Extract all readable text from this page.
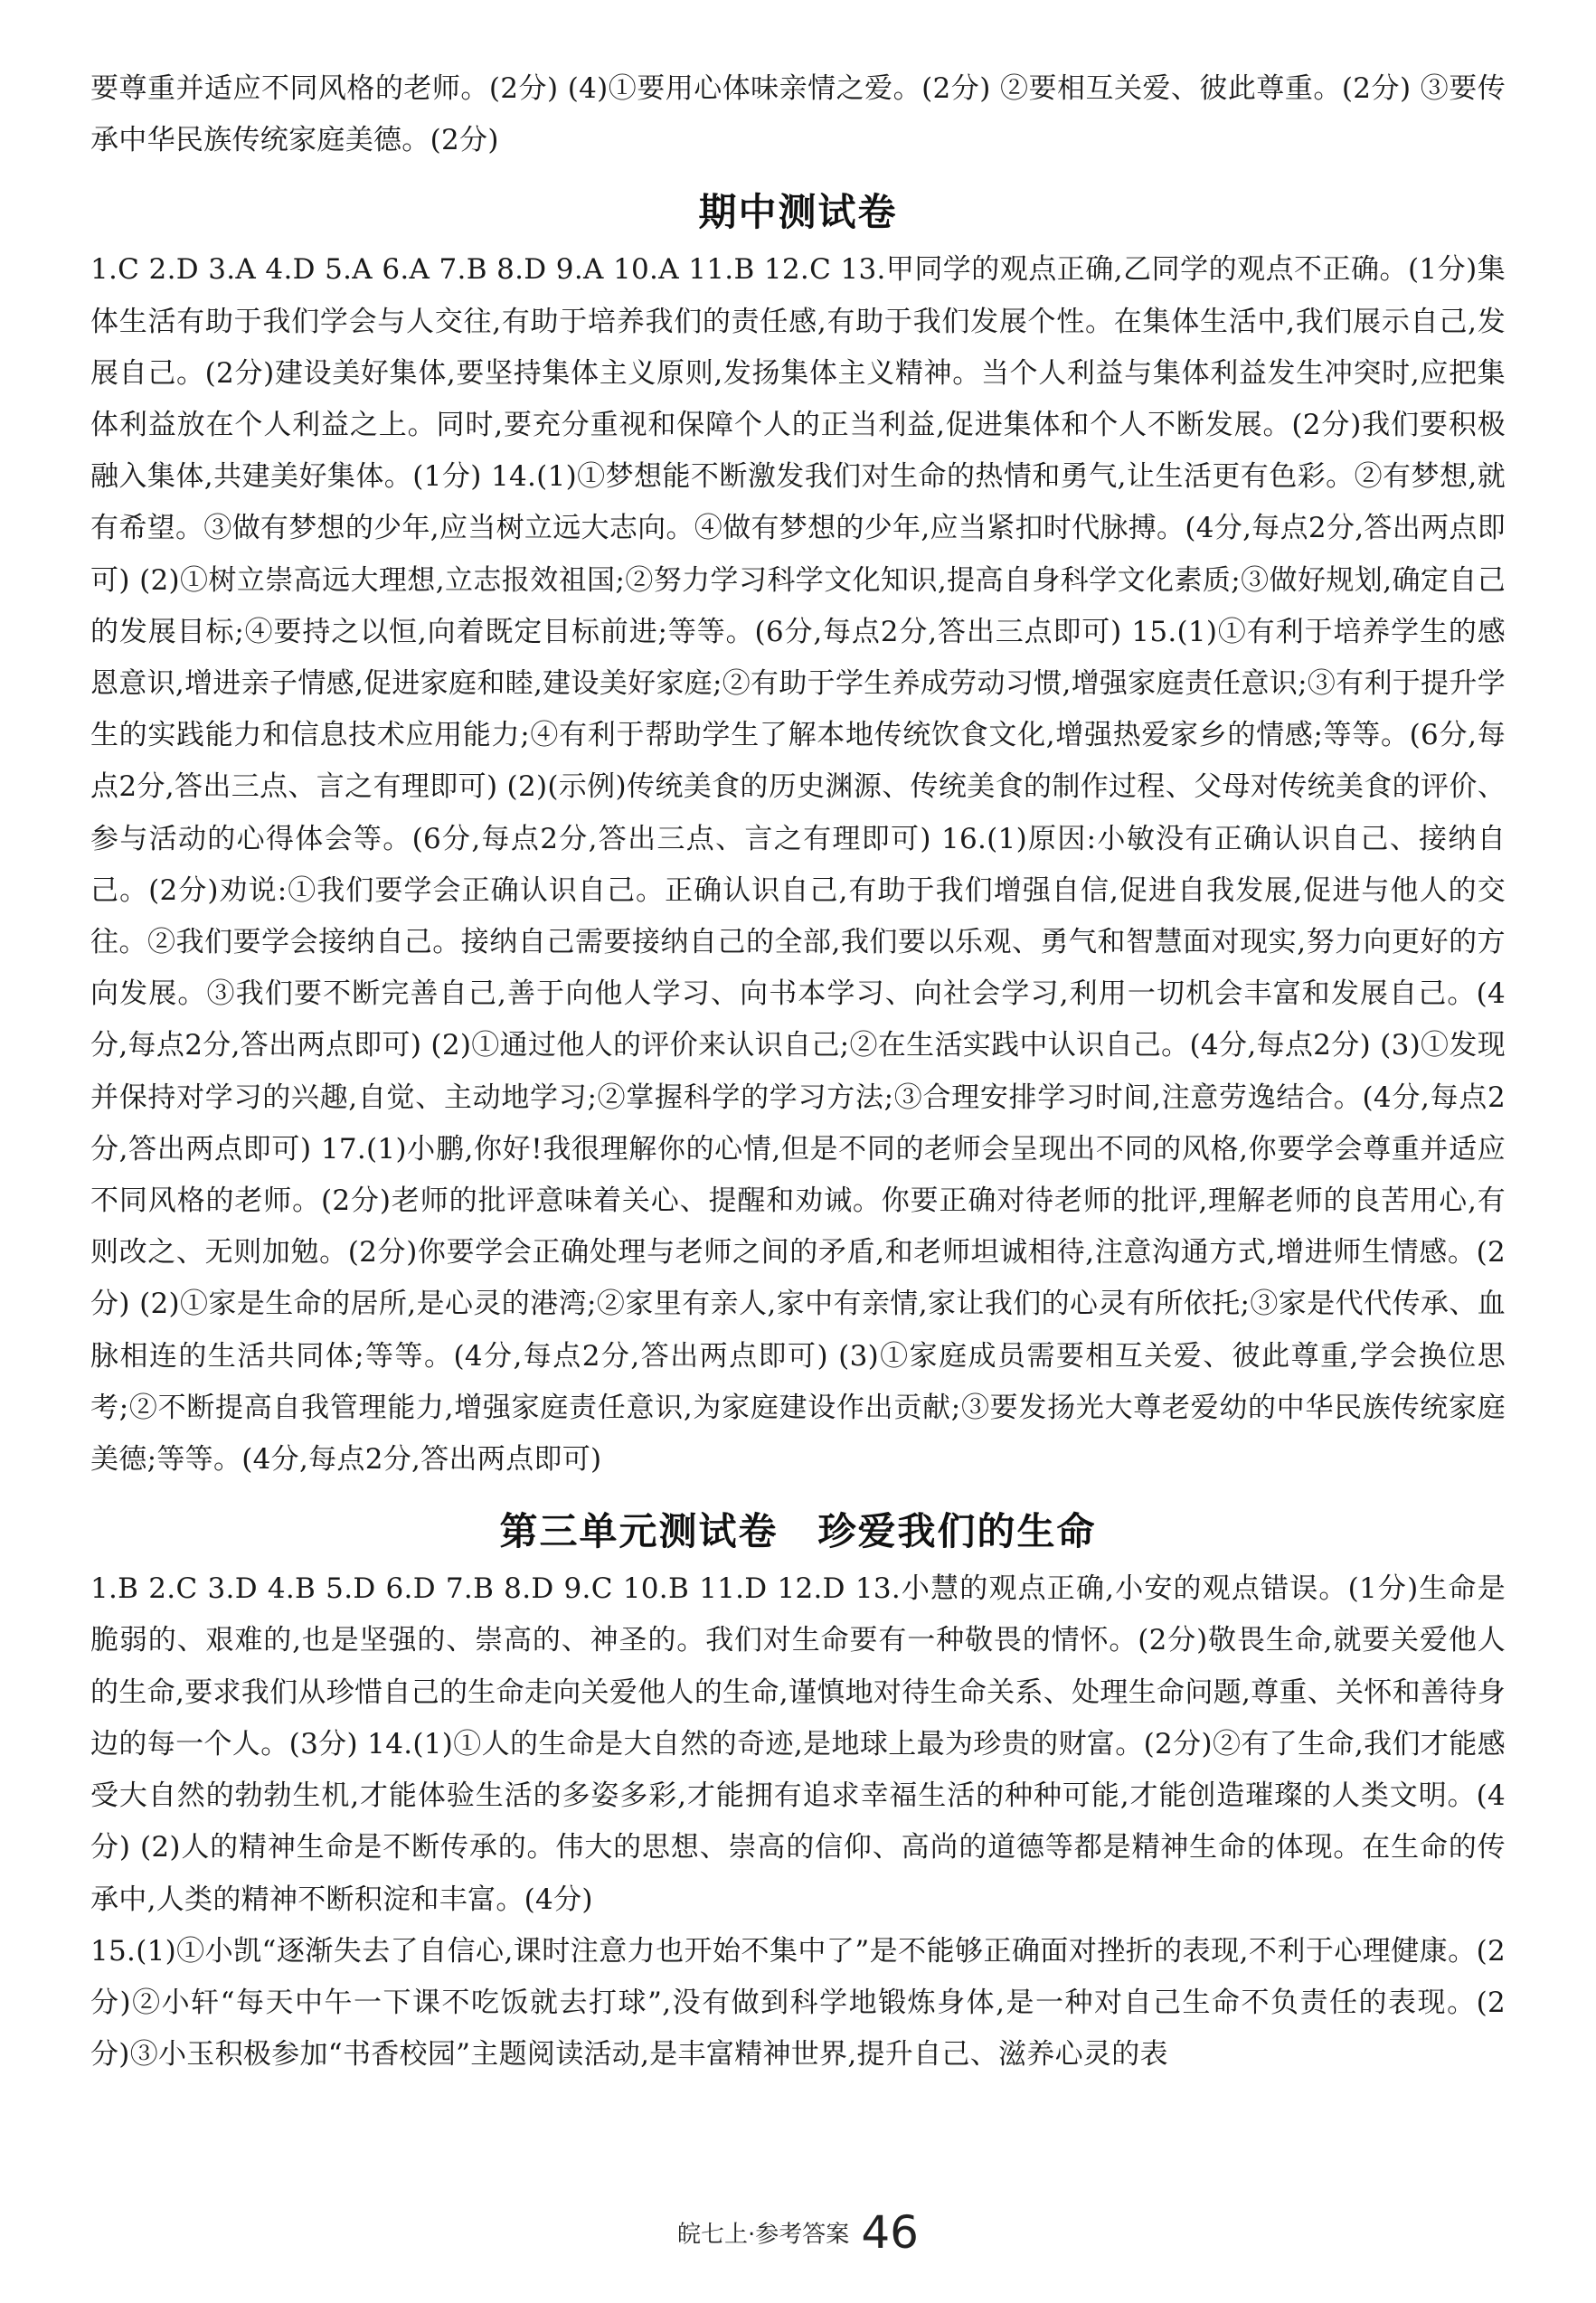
要尊重并适应不同风格的老师。(2分) (4)①要用心体味亲情之爱。(2分) ②要相互关爱、彼此尊重。(2分) ③要传承中华民族传统家庭美德。(2分)

期中测试卷

1.C 2.D 3.A 4.D 5.A 6.A 7.B 8.D 9.A 10.A 11.B 12.C 13.甲同学的观点正确,乙同学的观点不正确。(1分)集体生活有助于我们学会与人交往,有助于培养我们的责任感,有助于我们发展个性。在集体生活中,我们展示自己,发展自己。(2分)建设美好集体,要坚持集体主义原则,发扬集体主义精神。当个人利益与集体利益发生冲突时,应把集体利益放在个人利益之上。同时,要充分重视和保障个人的正当利益,促进集体和个人不断发展。(2分)我们要积极融入集体,共建美好集体。(1分) 14.(1)①梦想能不断激发我们对生命的热情和勇气,让生活更有色彩。②有梦想,就有希望。③做有梦想的少年,应当树立远大志向。④做有梦想的少年,应当紧扣时代脉搏。(4分,每点2分,答出两点即可) (2)①树立崇高远大理想,立志报效祖国;②努力学习科学文化知识,提高自身科学文化素质;③做好规划,确定自己的发展目标;④要持之以恒,向着既定目标前进;等等。(6分,每点2分,答出三点即可) 15.(1)①有利于培养学生的感恩意识,增进亲子情感,促进家庭和睦,建设美好家庭;②有助于学生养成劳动习惯,增强家庭责任意识;③有利于提升学生的实践能力和信息技术应用能力;④有利于帮助学生了解本地传统饮食文化,增强热爱家乡的情感;等等。(6分,每点2分,答出三点、言之有理即可) (2)(示例)传统美食的历史渊源、传统美食的制作过程、父母对传统美食的评价、参与活动的心得体会等。(6分,每点2分,答出三点、言之有理即可) 16.(1)原因:小敏没有正确认识自己、接纳自己。(2分)劝说:①我们要学会正确认识自己。正确认识自己,有助于我们增强自信,促进自我发展,促进与他人的交往。②我们要学会接纳自己。接纳自己需要接纳自己的全部,我们要以乐观、勇气和智慧面对现实,努力向更好的方向发展。③我们要不断完善自己,善于向他人学习、向书本学习、向社会学习,利用一切机会丰富和发展自己。(4分,每点2分,答出两点即可) (2)①通过他人的评价来认识自己;②在生活实践中认识自己。(4分,每点2分) (3)①发现并保持对学习的兴趣,自觉、主动地学习;②掌握科学的学习方法;③合理安排学习时间,注意劳逸结合。(4分,每点2分,答出两点即可) 17.(1)小鹏,你好!我很理解你的心情,但是不同的老师会呈现出不同的风格,你要学会尊重并适应不同风格的老师。(2分)老师的批评意味着关心、提醒和劝诫。你要正确对待老师的批评,理解老师的良苦用心,有则改之、无则加勉。(2分)你要学会正确处理与老师之间的矛盾,和老师坦诚相待,注意沟通方式,增进师生情感。(2分) (2)①家是生命的居所,是心灵的港湾;②家里有亲人,家中有亲情,家让我们的心灵有所依托;③家是代代传承、血脉相连的生活共同体;等等。(4分,每点2分,答出两点即可) (3)①家庭成员需要相互关爱、彼此尊重,学会换位思考;②不断提高自我管理能力,增强家庭责任意识,为家庭建设作出贡献;③要发扬光大尊老爱幼的中华民族传统家庭美德;等等。(4分,每点2分,答出两点即可)

第三单元测试卷　珍爱我们的生命

1.B 2.C 3.D 4.B 5.D 6.D 7.B 8.D 9.C 10.B 11.D 12.D 13.小慧的观点正确,小安的观点错误。(1分)生命是脆弱的、艰难的,也是坚强的、崇高的、神圣的。我们对生命要有一种敬畏的情怀。(2分)敬畏生命,就要关爱他人的生命,要求我们从珍惜自己的生命走向关爱他人的生命,谨慎地对待生命关系、处理生命问题,尊重、关怀和善待身边的每一个人。(3分) 14.(1)①人的生命是大自然的奇迹,是地球上最为珍贵的财富。(2分)②有了生命,我们才能感受大自然的勃勃生机,才能体验生活的多姿多彩,才能拥有追求幸福生活的种种可能,才能创造璀璨的人类文明。(4分) (2)人的精神生命是不断传承的。伟大的思想、崇高的信仰、高尚的道德等都是精神生命的体现。在生命的传承中,人类的精神不断积淀和丰富。(4分)

15.(1)①小凯“逐渐失去了自信心,课时注意力也开始不集中了”是不能够正确面对挫折的表现,不利于心理健康。(2分)②小轩“每天中午一下课不吃饭就去打球”,没有做到科学地锻炼身体,是一种对自己生命不负责任的表现。(2分)③小玉积极参加“书香校园”主题阅读活动,是丰富精神世界,提升自己、滋养心灵的表

皖七上·参考答案 46
